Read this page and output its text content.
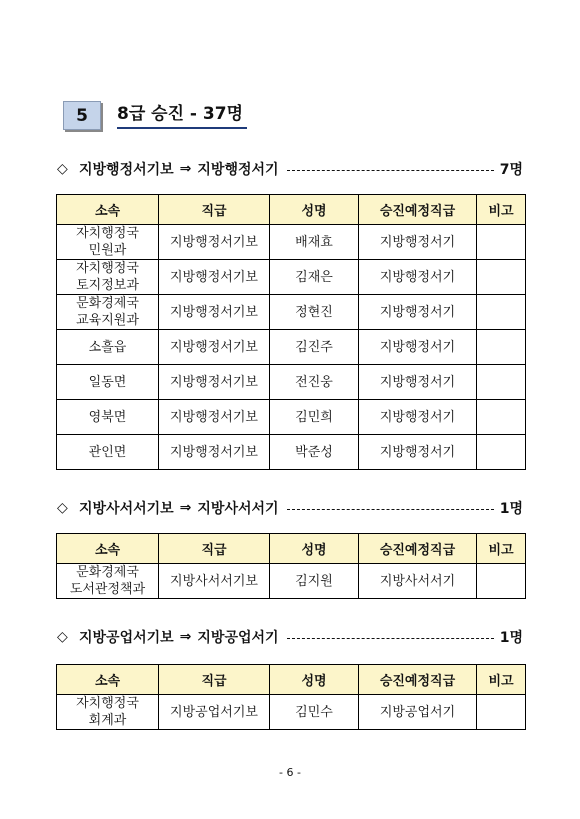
5 8급 승진 - 37명
◇ 지방행정서기보 ⇒ 지방행정서기	7명
소속	직급	성명	승진예정직급	비고
자치행정국
민원과	지방행정서기보	배재효	지방행정서기	
자치행정국
토지정보과	지방행정서기보	김재은	지방행정서기	
문화경제국
교육지원과	지방행정서기보	정현진	지방행정서기	
소흘읍	지방행정서기보	김진주	지방행정서기	
일동면	지방행정서기보	전진웅	지방행정서기	
영북면	지방행정서기보	김민희	지방행정서기	
관인면	지방행정서기보	박준성	지방행정서기	
◇ 지방사서서기보 ⇒ 지방사서서기	1명
소속	직급	성명	승진예정직급	비고
문화경제국
도서관정책과	지방사서서기보	김지원	지방사서서기	
◇ 지방공업서기보 ⇒ 지방공업서기	1명
소속	직급	성명	승진예정직급	비고
자치행정국
회계과	지방공업서기보	김민수	지방공업서기	
- 6 -
